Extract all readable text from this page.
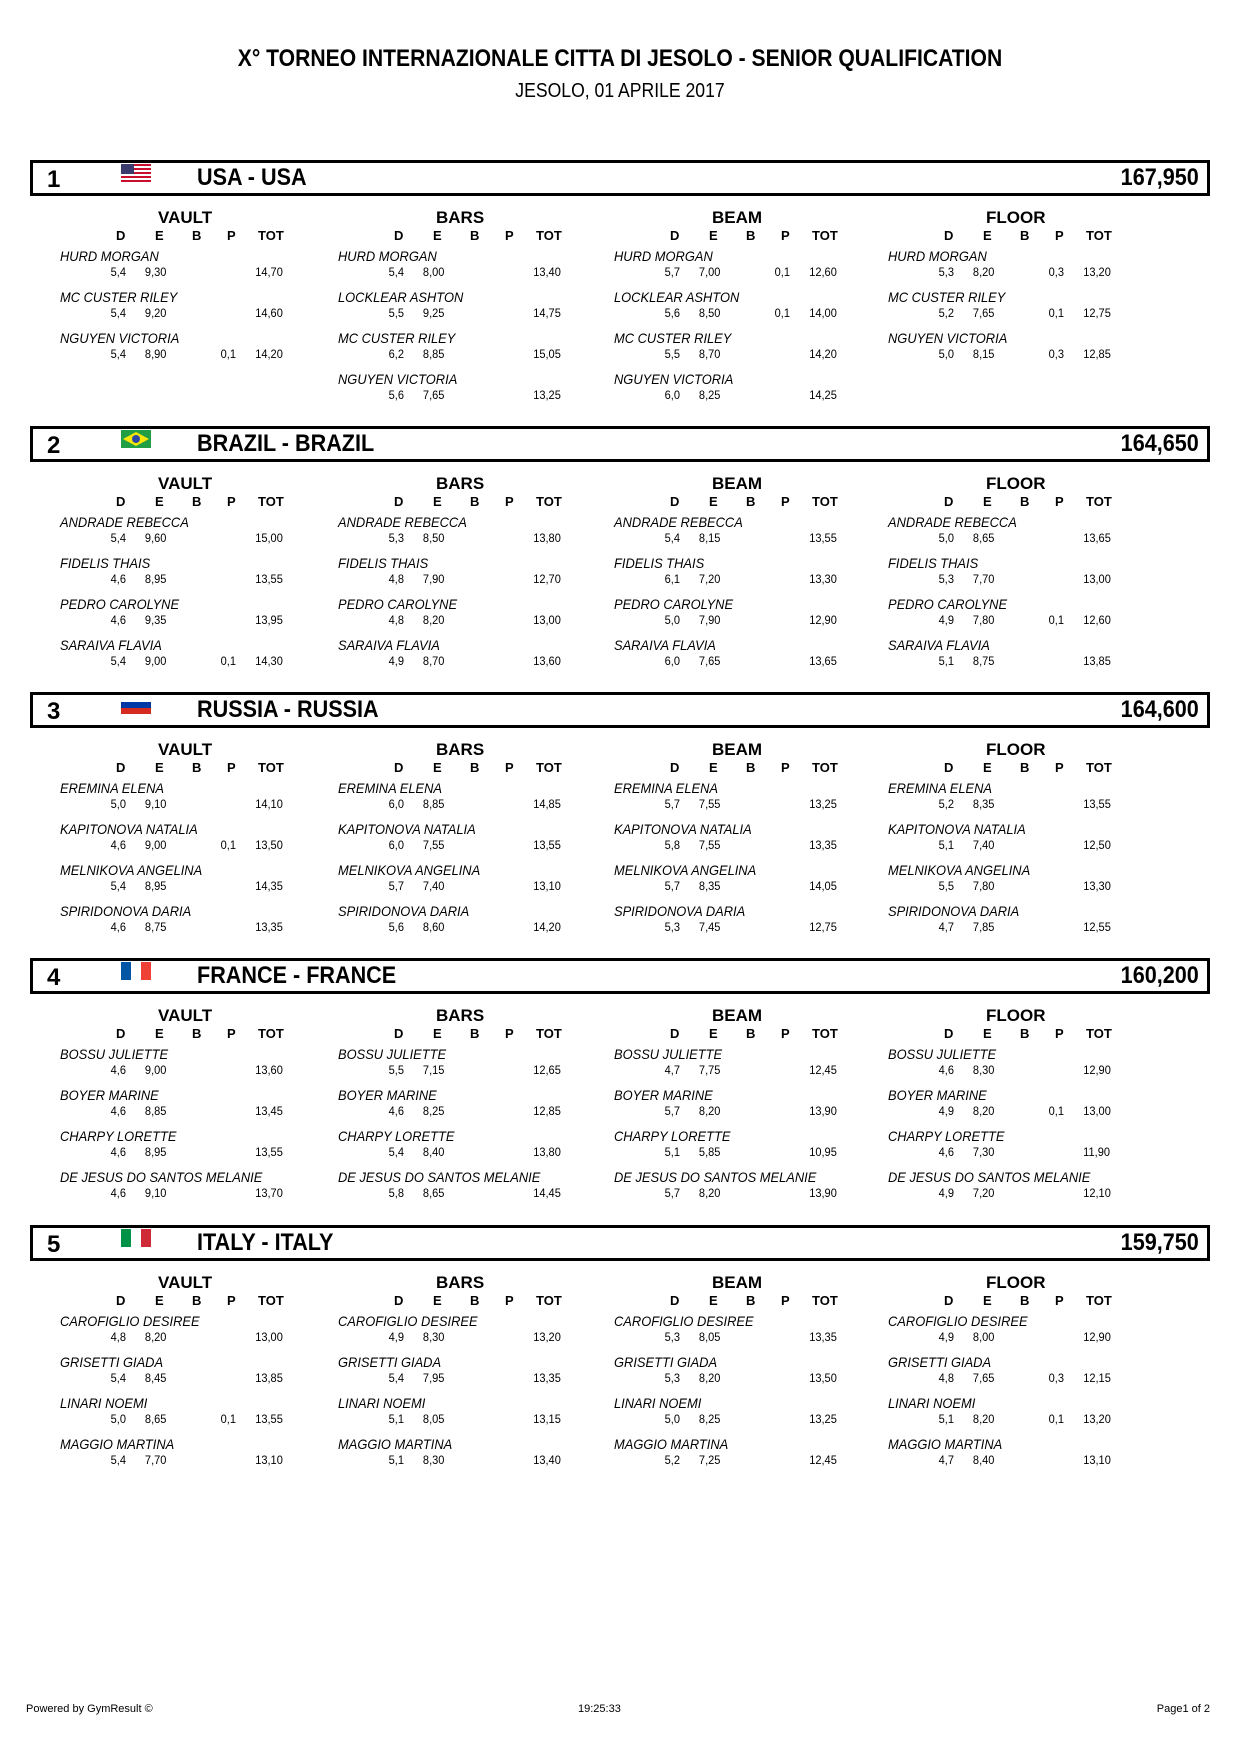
X° TORNEO INTERNAZIONALE CITTA DI JESOLO - SENIOR QUALIFICATION
JESOLO, 01 APRILE 2017
1	USA - USA	167,950
VAULT
D E B P TOT
HURD MORGAN
5,4 9,30	14,70
MC CUSTER RILEY
5,4 9,20	14,60
NGUYEN VICTORIA
5,4 8,90	0,1 14,20
BARS
D E B P TOT
HURD MORGAN
5,4 8,00	13,40
LOCKLEAR ASHTON
5,5 9,25	14,75
MC CUSTER RILEY
6,2 8,85	15,05
NGUYEN VICTORIA
5,6 7,65	13,25
BEAM
D E B P TOT
HURD MORGAN
5,7 7,00	0,1 12,60
LOCKLEAR ASHTON
5,6 8,50	0,1 14,00
MC CUSTER RILEY
5,5 8,70	14,20
NGUYEN VICTORIA
6,0 8,25	14,25
FLOOR
D E B P TOT
HURD MORGAN
5,3 8,20	0,3 13,20
MC CUSTER RILEY
5,2 7,65	0,1 12,75
NGUYEN VICTORIA
5,0 8,15	0,3 12,85
2	BRAZIL - BRAZIL	164,650
VAULT
D E B P TOT
ANDRADE REBECCA
5,4 9,60	15,00
FIDELIS THAIS
4,6 8,95	13,55
PEDRO CAROLYNE
4,6 9,35	13,95
SARAIVA FLAVIA
5,4 9,00	0,1 14,30
BARS
D E B P TOT
ANDRADE REBECCA
5,3 8,50	13,80
FIDELIS THAIS
4,8 7,90	12,70
PEDRO CAROLYNE
4,8 8,20	13,00
SARAIVA FLAVIA
4,9 8,70	13,60
BEAM
D E B P TOT
ANDRADE REBECCA
5,4 8,15	13,55
FIDELIS THAIS
6,1 7,20	13,30
PEDRO CAROLYNE
5,0 7,90	12,90
SARAIVA FLAVIA
6,0 7,65	13,65
FLOOR
D E B P TOT
ANDRADE REBECCA
5,0 8,65	13,65
FIDELIS THAIS
5,3 7,70	13,00
PEDRO CAROLYNE
4,9 7,80	0,1 12,60
SARAIVA FLAVIA
5,1 8,75	13,85
3	RUSSIA - RUSSIA	164,600
VAULT
D E B P TOT
EREMINA ELENA
5,0 9,10	14,10
KAPITONOVA NATALIA
4,6 9,00	0,1 13,50
MELNIKOVA ANGELINA
5,4 8,95	14,35
SPIRIDONOVA DARIA
4,6 8,75	13,35
BARS
D E B P TOT
EREMINA ELENA
6,0 8,85	14,85
KAPITONOVA NATALIA
6,0 7,55	13,55
MELNIKOVA ANGELINA
5,7 7,40	13,10
SPIRIDONOVA DARIA
5,6 8,60	14,20
BEAM
D E B P TOT
EREMINA ELENA
5,7 7,55	13,25
KAPITONOVA NATALIA
5,8 7,55	13,35
MELNIKOVA ANGELINA
5,7 8,35	14,05
SPIRIDONOVA DARIA
5,3 7,45	12,75
FLOOR
D E B P TOT
EREMINA ELENA
5,2 8,35	13,55
KAPITONOVA NATALIA
5,1 7,40	12,50
MELNIKOVA ANGELINA
5,5 7,80	13,30
SPIRIDONOVA DARIA
4,7 7,85	12,55
4	FRANCE - FRANCE	160,200
VAULT
D E B P TOT
BOSSU JULIETTE
4,6 9,00	13,60
BOYER MARINE
4,6 8,85	13,45
CHARPY LORETTE
4,6 8,95	13,55
DE JESUS DO SANTOS MELANIE
4,6 9,10	13,70
BARS
D E B P TOT
BOSSU JULIETTE
5,5 7,15	12,65
BOYER MARINE
4,6 8,25	12,85
CHARPY LORETTE
5,4 8,40	13,80
DE JESUS DO SANTOS MELANIE
5,8 8,65	14,45
BEAM
D E B P TOT
BOSSU JULIETTE
4,7 7,75	12,45
BOYER MARINE
5,7 8,20	13,90
CHARPY LORETTE
5,1 5,85	10,95
DE JESUS DO SANTOS MELANIE
5,7 8,20	13,90
FLOOR
D E B P TOT
BOSSU JULIETTE
4,6 8,30	12,90
BOYER MARINE
4,9 8,20	0,1 13,00
CHARPY LORETTE
4,6 7,30	11,90
DE JESUS DO SANTOS MELANIE
4,9 7,20	12,10
5	ITALY - ITALY	159,750
VAULT
D E B P TOT
CAROFIGLIO DESIREE
4,8 8,20	13,00
GRISETTI GIADA
5,4 8,45	13,85
LINARI NOEMI
5,0 8,65	0,1 13,55
MAGGIO MARTINA
5,4 7,70	13,10
BARS
D E B P TOT
CAROFIGLIO DESIREE
4,9 8,30	13,20
GRISETTI GIADA
5,4 7,95	13,35
LINARI NOEMI
5,1 8,05	13,15
MAGGIO MARTINA
5,1 8,30	13,40
BEAM
D E B P TOT
CAROFIGLIO DESIREE
5,3 8,05	13,35
GRISETTI GIADA
5,3 8,20	13,50
LINARI NOEMI
5,0 8,25	13,25
MAGGIO MARTINA
5,2 7,25	12,45
FLOOR
D E B P TOT
CAROFIGLIO DESIREE
4,9 8,00	12,90
GRISETTI GIADA
4,8 7,65	0,3 12,15
LINARI NOEMI
5,1 8,20	0,1 13,20
MAGGIO MARTINA
4,7 8,40	13,10
Powered by GymResult ©	19:25:33	Page1 of 2
